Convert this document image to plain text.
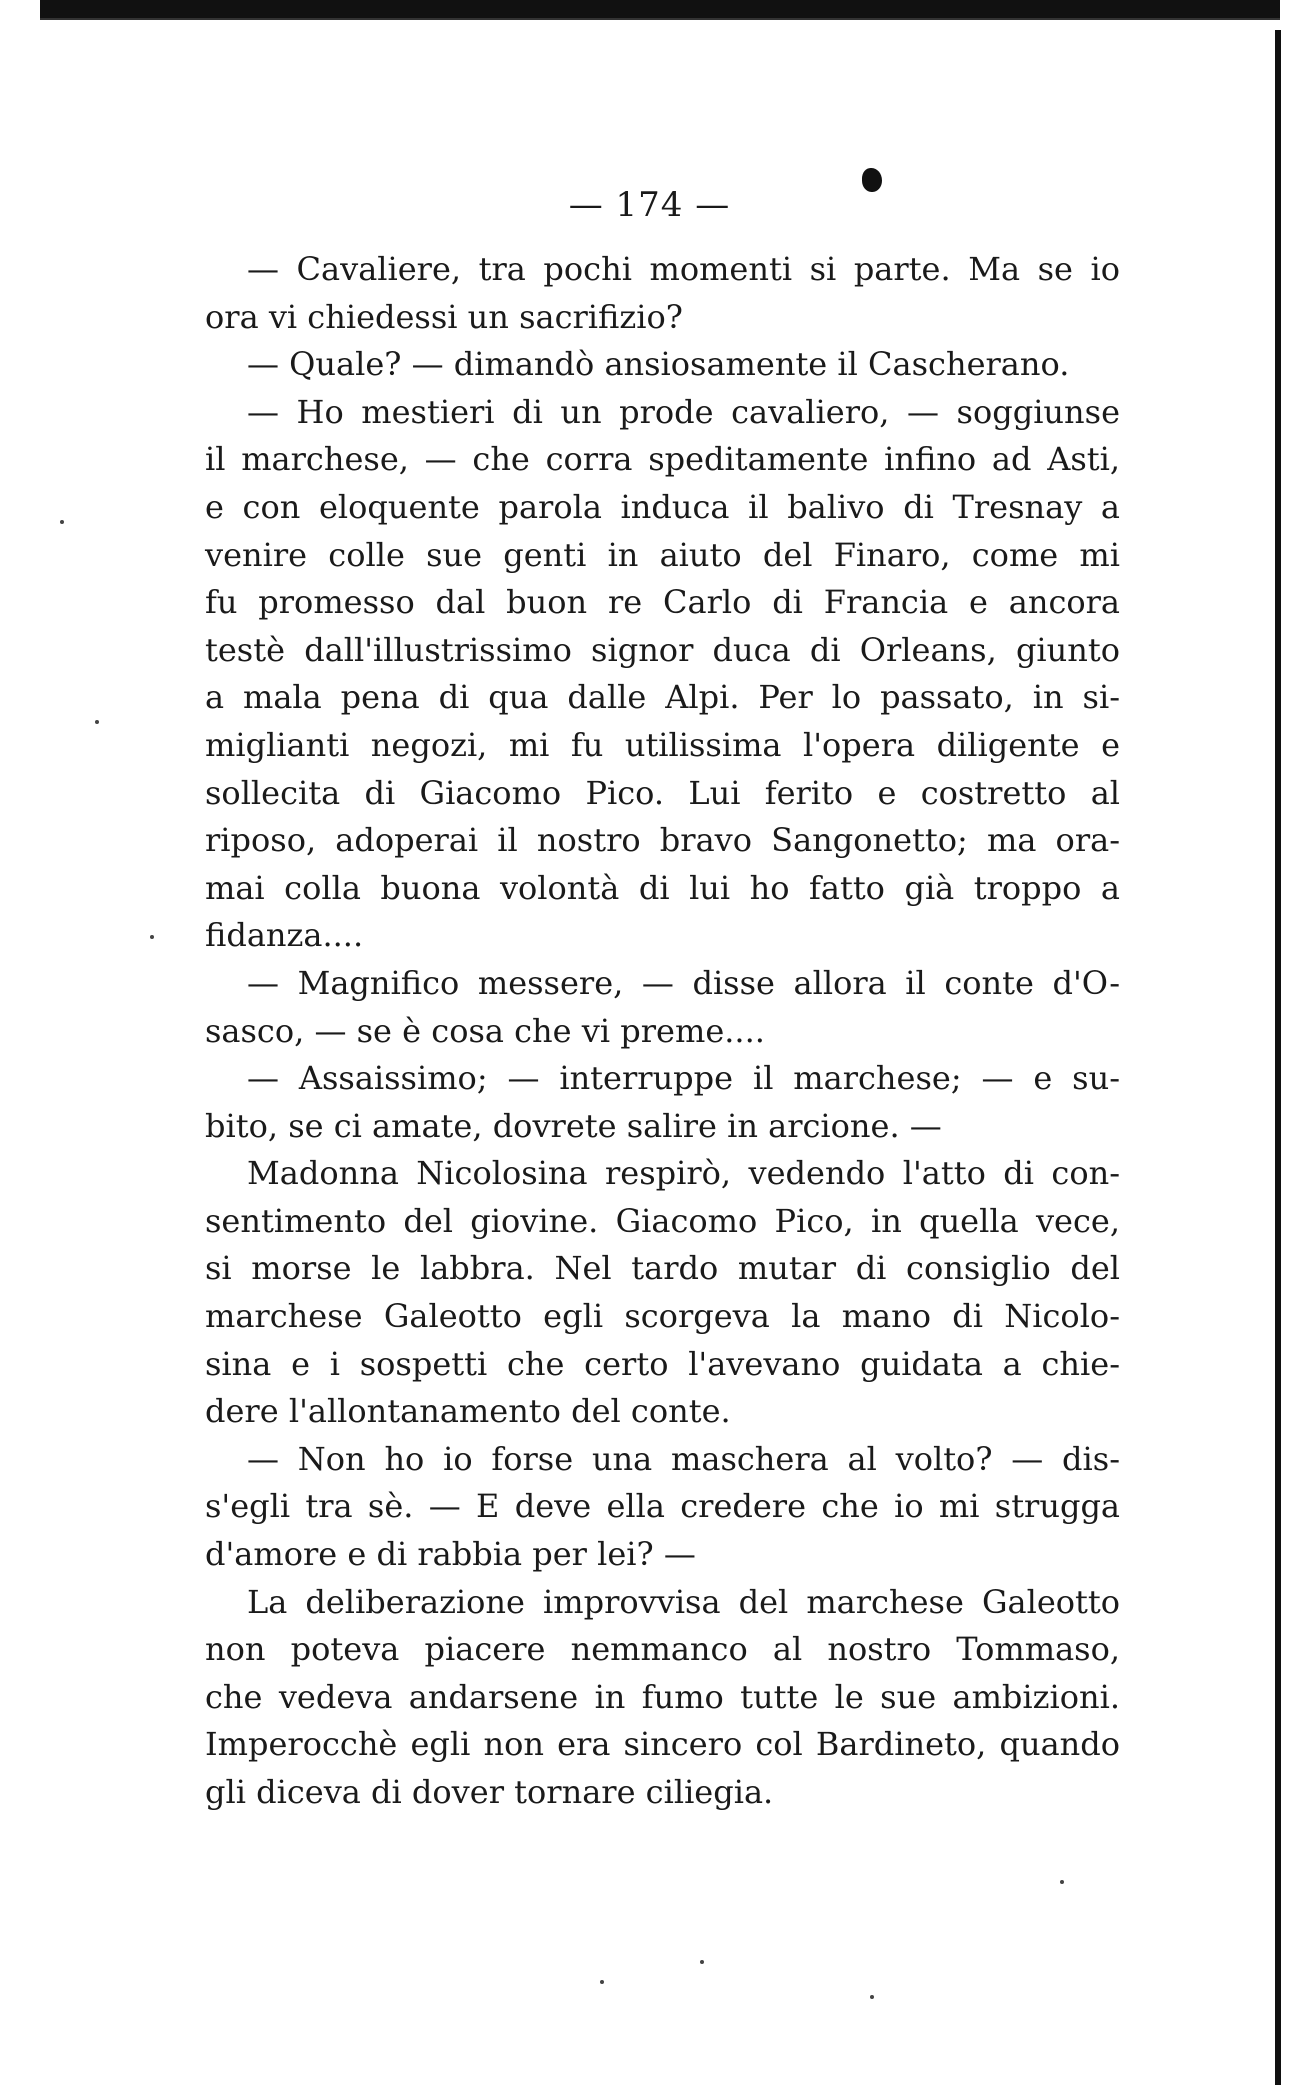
— 174 —
— Cavaliere, tra pochi momenti si parte. Ma se io
ora vi chiedessi un sacrifizio?
— Quale? — dimandò ansiosamente il Cascherano.
— Ho mestieri di un prode cavaliero, — soggiunse
il marchese, — che corra speditamente infino ad Asti,
e con eloquente parola induca il balivo di Tresnay a
venire colle sue genti in aiuto del Finaro, come mi
fu promesso dal buon re Carlo di Francia e ancora
testè dall'illustrissimo signor duca di Orleans, giunto
a mala pena di qua dalle Alpi. Per lo passato, in si-
miglianti negozi, mi fu utilissima l'opera diligente e
sollecita di Giacomo Pico. Lui ferito e costretto al
riposo, adoperai il nostro bravo Sangonetto; ma ora-
mai colla buona volontà di lui ho fatto già troppo a
fidanza....
— Magnifico messere, — disse allora il conte d'O-
sasco, — se è cosa che vi preme....
— Assaissimo; — interruppe il marchese; — e su-
bito, se ci amate, dovrete salire in arcione. —
Madonna Nicolosina respirò, vedendo l'atto di con-
sentimento del giovine. Giacomo Pico, in quella vece,
si morse le labbra. Nel tardo mutar di consiglio del
marchese Galeotto egli scorgeva la mano di Nicolo-
sina e i sospetti che certo l'avevano guidata a chie-
dere l'allontanamento del conte.
— Non ho io forse una maschera al volto? — dis-
s'egli tra sè. — E deve ella credere che io mi strugga
d'amore e di rabbia per lei? —
La deliberazione improvvisa del marchese Galeotto
non poteva piacere nemmanco al nostro Tommaso,
che vedeva andarsene in fumo tutte le sue ambizioni.
Imperocchè egli non era sincero col Bardineto, quando
gli diceva di dover tornare ciliegia.
